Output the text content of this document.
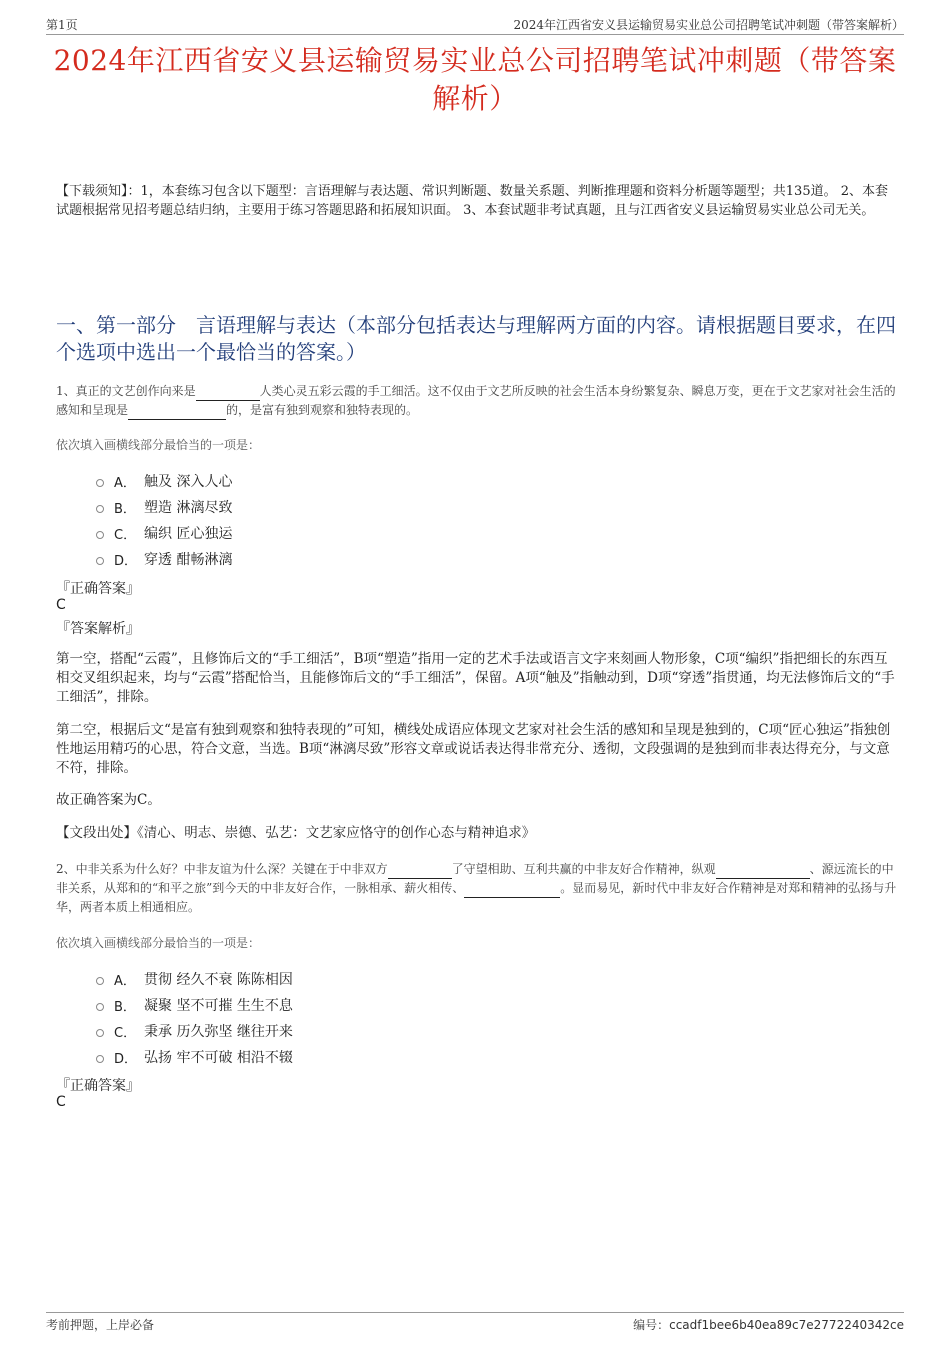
第1页	2024年江西省安义县运输贸易实业总公司招聘笔试冲刺题（带答案解析）
2024年江西省安义县运输贸易实业总公司招聘笔试冲刺题（带答案解析）

【下载须知】：1，本套练习包含以下题型：言语理解与表达题、常识判断题、数量关系题、判断推理题和资料分析题等题型；共135道。 2、本套试题根据常见招考题总结归纳，主要用于练习答题思路和拓展知识面。 3、本套试题非考试真题，且与江西省安义县运输贸易实业总公司无关。

一、第一部分　言语理解与表达（本部分包括表达与理解两方面的内容。请根据题目要求，在四个选项中选出一个最恰当的答案。）

1、真正的文艺创作向来是	人类心灵五彩云霞的手工细活。这不仅由于文艺所反映的社会生活本身纷繁复杂、瞬息万变，更在于文艺家对社会生活的感知和呈现是	的，是富有独到观察和独特表现的。

依次填入画横线部分最恰当的一项是：

A． 触及 深入人心
B． 塑造 淋漓尽致
C． 编织 匠心独运
D． 穿透 酣畅淋漓

『正确答案』

C

『答案解析』

第一空，搭配“云霞”，且修饰后文的“手工细活”，B项“塑造”指用一定的艺术手法或语言文字来刻画人物形象，C项“编织”指把细长的东西互相交叉组织起来，均与“云霞”搭配恰当，且能修饰后文的“手工细活”，保留。A项“触及”指触动到，D项“穿透”指贯通，均无法修饰后文的“手工细活”，排除。

第二空，根据后文“是富有独到观察和独特表现的”可知，横线处成语应体现文艺家对社会生活的感知和呈现是独到的，C项“匠心独运”指独创性地运用精巧的心思，符合文意，当选。B项“淋漓尽致”形容文章或说话表达得非常充分、透彻，文段强调的是独到而非表达得充分，与文意不符，排除。

故正确答案为C。

【文段出处】《清心、明志、崇德、弘艺：文艺家应恪守的创作心态与精神追求》

2、中非关系为什么好？中非友谊为什么深？关键在于中非双方	了守望相助、互利共赢的中非友好合作精神，纵观	、源远流长的中非关系，从郑和的“和平之旅”到今天的中非友好合作，一脉相承、薪火相传、	。显而易见，新时代中非友好合作精神是对郑和精神的弘扬与升华，两者本质上相通相应。

依次填入画横线部分最恰当的一项是：

A． 贯彻 经久不衰 陈陈相因
B． 凝聚 坚不可摧 生生不息
C． 秉承 历久弥坚 继往开来
D． 弘扬 牢不可破 相沿不辍

『正确答案』

C

考前押题，上岸必备	编号：ccadf1bee6b40ea89c7e2772240342ce
